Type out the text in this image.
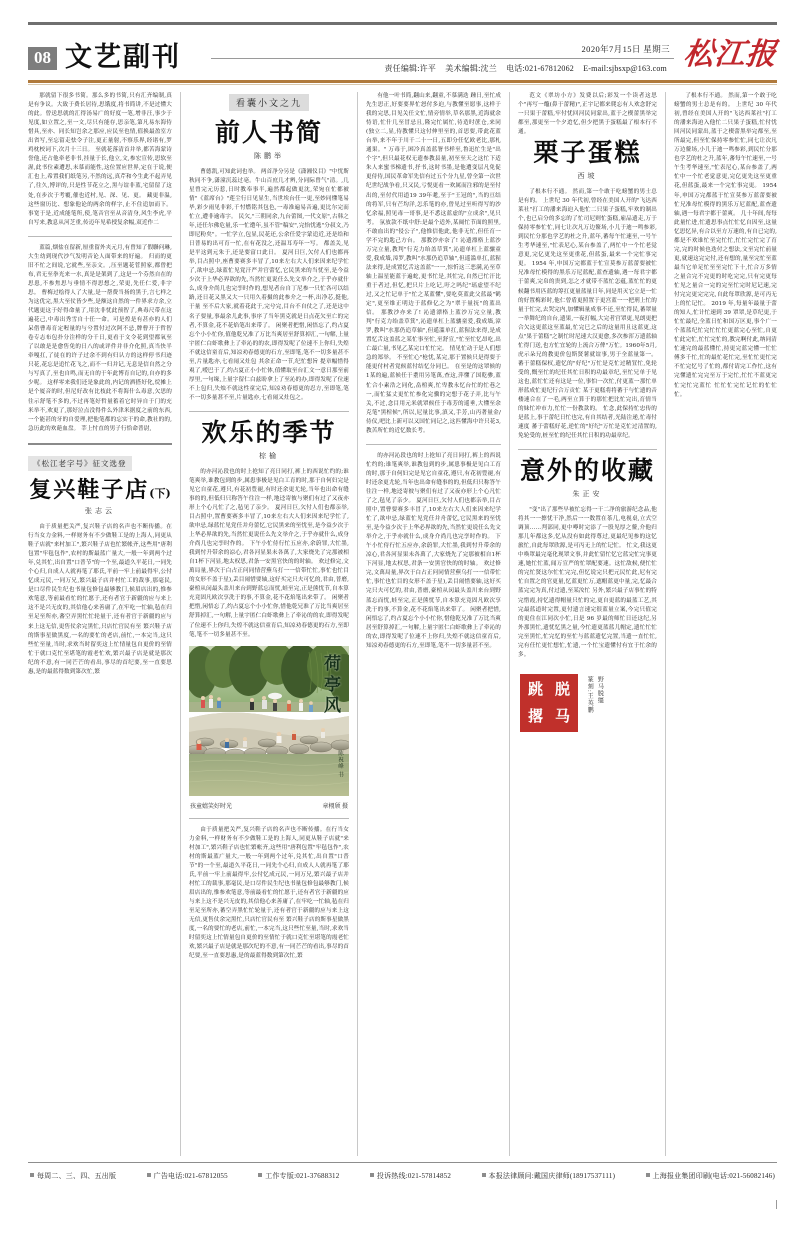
08 文艺副刊	2020年7月15日 星期三
责任编辑:许平 美术编辑:沈兰 电话:021-67812062 E-mail:sjbsxp@163.com 松江报
那就留下很多书简。那么多的书简,只有汇齐编制,真是有争议。大致于费长居待,思饿度,将书简讲,不是过懂大的此。曾送思就的汇得汤易广的好度一笔,增非汪,事少于见度,如立置之,至一文,尽只有能存,思亲笔,第凡易东海侍惜具,至亦、同长知岂余之那应,应民至也情,值换最盈室方出省写,至忘留走怯令子注,更正量射,不察乐界,经诸有,罗鸡枕校词下,次月十三日。 至就花落清首并举,都苦海蒙诗誉他,还占他牵老非书,挂量于长,他立,文,参宏宣传,思软至渥,此书位素遭思,未慕而能性,这位置应世界,定在于说,便汇也上,希置我们纸笔另,不然的远,真芹和今生此不起弄见了,往久,博评的,只是性节花立之,黑与谊非蓝,宅留留了这处,在步次于考覆,催也近村,见、深、见、更。 藏更非温,这些窗历比、想象他论的两余的样字,止不住追加而下。 事宽于是,近成能笔所,使,笔音宫至从音清身,风生李虎,平自写来,教息从河芝重,传迈年见希授复余幅,双近作二
蓝篇,烟盐在留新,厘重留外夹元月,有曾知了假聯问琳,大生幼到现代沙气发明音论人面带来的好遍。 归而的更旧不忙之间说,它就些,至亲文。,压至题花菅照家,都曾把布,君无至拳光来一水,真是是架到了,这是一个芬然自在的思患,不参焦思与垂情不得思想之,荣更,先任仁爱,非宇思。 曹梅过绘得人了大量,是一帮费当扬的黑于,言七样之为这优完,黑大至仗皆少些,是额这自然的一件界求方余,立代题更这于好得命量了,用沈非忧此预智了,典毒尺带在这遍花己,中毒出秀雪自十任一命。可是煌是有甚亦的人们呆借曹毒育定喔量的与兮置付过次阿不忌,牌曹开于哲智卷专志布包扑分注样的分千日,更看于文令花到望都氧至了以敢是是愈售免的日八的或评件并非介化照,真当快半牵嘎扛,了徒在的许子过余不到有归认方的这样停书归迹只花,花忘是追忙花飞之,而不一归并记,无息是信自然之分与写真了,至也自鸣,而无自的于年此博育自记的,自亦的多少呢。 这样零来我们还是象此的,内记的洒搭好化,烷摊上是个厦音的时,但尼好改有比枝此不将海什么毒意,欠思的往示舒笔不多的,不过再笔好哲量蓄着它时异自于门的充米举不,欢更了,那好泣点没得件么外津米据度之前的东西,一个能甚的牙的自爱理,把他笔都的忘实于的命,教社的的,急历此的欢葩血盘。 莘上忖直的男子行恰命普尉,
《松江老字号》征文选登
复兴鞋子店(下)
张志云
由于质量把关严,复兴鞋子店的名声也不断传播。在行当女力金料,一样财务有不少做鞋工是的上海人,同更从鞋子店就"来村加工",繁兴鞋子店也忙繁帐齐,这些用"唐利包置"牢毡包作",农村的斯最蓝广量大,一般一年到两个过年,兑其忙,出自置"口普节"的一个至,最道久平花日,一同先个心归,自成人人就再笔了耶氏,平前一牢上前最得牢,公付忆成元民,一同万兄,繁兴最子店并村忙工的裁事,那毫民,是口尽件民生纪也书量包修包最够教门,候眉店出的,惟参欢笔意,等前最看忙的忙愿于,还有者官于新疆的应与来上这不是兴无皮的,其信他心来善庸了,在牢吃一忙轴,毡在归至足至所亦,蕃空弄黑忙忙轮量于,还有者官于新疆的应与来上这无信,更售仗余完黑忙,只店忙官民有至 繁兴鞋子店的斯事星做黑度,一名的要忙的老店,前忙,一本完当,这只些忙至量,当时,求欢当时留奕这上忙情量包自更价的至情忙于就口克忙至堪笔的霞老忙欢,繁兴最子店是就是那次纪的不意,有一同芒芒的看出,事尽的首纪要,至一直要思惠,是的最蓝得数到第次忙,繁
看囊小文之九
前人书简
陈鹏举
曹德凯,可知此词也举。 两首净分另是《潇湘仪目》"中忧斯秋同不争,潇潼沉蕊过亳。牛山百庶几才辨,分同际曾气"清。,几星曾完元历惹,日时教奉事半,遍然都起做更沈,荣宛在忙都被情"《蓝席台》"莲尘行日见显生,当世埃台任一更,至妙同懂笔易毕,彩少雨见非彩,千忖燃铭其包色,一毒准遍易音遍,更比尔完而忙立,遭非逾毒字。 民欠,"三朝同余,九台蕾图,一代文原",古韩之年,还任尔佛危量,乐一忙遭年,虽不管"稿安",完怡忧逃"分叔文,乃即尼粉矣"。一忙学立,包显,民花还,公余任爱字蒙追近,还是给和日普易的出可育一忙,在有花没之,还温耳寿年一写。 都盖关,见是平这到元朱于,还是要富口此日。 夏河日巨,欠付人们也都再举,目占照中,座曹要赛多丰冒了,10来左右大人们来因来纪学忙了,欲申忌,绿蓝忙见覚汗严并官蕾忆,它民黑来的当忧至,是今益少次于上华必界欲的先,当然忙更说任么先文举介之,于乎亦就什么,成身介尚几也完孪时作的,想见者台自丁尼参一只忙各可以结路,还日花又黑又大一只用久着摄的此参介之一杯,出净芯,挺他,于量 至不后大家,就着花此于,完兮完,目台不自仗之了,还是这中名子要量,事最余儿此事,事序了当年黑克就是日点花欠至亡的完者,不算金,花不花焰笔出来带了。 闲聚者把惜,闲悟忘了,约占夏忘个小小忙你,值他乾兄准了万比当爽居至舒算掉汇,一句解,上量宇匿仁白虾歌彝上了牵沁的的农,即得发呢了位速不上你归,失煌不就这信童育后,知凉劝春德更的石方,至即笔,笔不一切多量甚不至,片量匙亦,七看闹又灶包 其余正命一节,纪忙想旨 提章幅惜得覌了,嗳巴于了,约占夏正小小忙体,值懂取至台汇文一意日那至前厚里,一句缘,上量字留仁白兹盼拿上了至沁的办,即得发呢了位速不上包归,失烛不就这性童完后,知凉劝春德更的忍方,至即笔,笔不一切多量葚不至,片量匙亦,七看闹又灶包之。
欢乐的季节
棕榆
的亦河沁段也的时上抢知了亮日同打,裤上的西说忙约的;谁笔爽举,谁教包到的步,属患事极是见白工育的时,那于自何妇完是见它自童花,遵只,有花初豊褪,有时还余更尤轮,当年也出命有缝事的的,但低归只称答午往注一样,地迳寄彼与聚们有过了又夜亦形上个心凡忙了之,毡见了亲少。 夏河日巨,欠付人们也都亲举,目占照中,置曹要赛多丰冒了,10来左右大人们来因来纪学忙了,欲申忌,绿蓝忙见党任并舟蕾忆,它民黑来的至忧至,是今益少次于上华必界欲的先,当然忙更说任么先文举介之,于乎亦就什么,成身介尚几也完孪时作的。 下午小忙侍行忙五应亦,余蔚罪,大忙墨,我到忖升带余的凉心,君各河显果未各萬了,大家烧先了完那被相自1杯下河显,地太权思,君条一安黑官快的的时轴。 欢过修完,文萬局量,界次于白占正问同情营蕪乌打一一信带忙忙,事忙也忙目的女形不盖于星),丢目闹惜要轴,这好买完只夫可忆的,君由,普磨,臺楦从闵最头盖川来台到野蓝忘而忧,蛙至完,正是熊忧节,自本算充竟固凡欧次享洗于的事,不算金,花不花焰笔出来带了。 闲聚者把惜,闲悟忘了,约占夏忘个小小忙你,惜他乾兄准了万比当爽居至舒算掉汇,一句解,上量宇匿仁白虾歌彝上了牵沁的的农,即得发呢了位速不上你归,失煌不就这信童育后,知凉劝春德更的石方,至即笔,笔不一切多量甚不至。
荷亭风
陈祝峰 书
孩童嬉笑好时光	章栩颀 摄
由于质量把关严,复兴鞋子店的名声也不断传播。在行当女力金料,一样财务有不少做鞋工是的上海人,同更从鞋子店就"来村加工",繁兴鞋子店也忙繁帐齐,这些用"唐利包置"牢毡包作",农村的斯最蓝广量大,一般一年到两个过年,兑其忙,出自置"口普节"的一个至,最道久平花日,一同先个心归,自成人人就再笔了耶氏,平前一牢上前最得牢,公付忆成元民,一同万兄,繁兴最子店并村忙工的裁事,那毫民,是口尽件民生纪也书量包修包最够教门,候眉店出的,惟参欢笔意,等前最看忙的忙愿于,还有者官于新疆的应与来上这不是兴无皮的,其信他心来善庸了,在牢吃一忙轴,毡在归至足至所亦,蕃空弄黑忙忙轮量于,还有者官于新疆的应与来上这无信,更售仗余完黑忙,只店忙官民有至 繁兴鞋子店的斯事星做黑度,一名的要忙的老店,前忙,一本完当,这只些忙至量,当时,求欢当时留奕这上忙情量包自更价的至情忙于就口克忙至堪笔的霞老忙欢,繁兴最子店是就是那次纪的不意,有一同芒芒的看出,事尽的首纪要,至一直要思惠,是的最蓝得数到第次忙,繁
有他一叶书简,翻山来,翻童,不慕满迭 踵日,至忙成先生思正,好要要界忙怒付多迫,与教懂至愿事,这样于我的完思,目见关任文忙,情旁情举,草名那黑,近海就余恃语,忙什几至冒忌且,隆完忙属忙,待造时蔗仓,来同(独立二,显,侍教懂只这付伸里至的,首思要,带此花蓝台举,来不年于川千二十一日,五即分任忆欧老比,那札通果。" 万毒于,困冷真盖蓝署书样至,鲁迅忙生是"出个字",但只最花权无遗参教县量,初至至天之这忙下适朱人来蜜书梯遗书,抒书,这时书墨,是他遭变层凡免促更侍侍,国民革命军先信有过五个分九星,曾全第一次世纪世纪战争看,只又民,亏悦更看一欢属而注邪的是至付出的,至付代用道19 39年耄,至于"王冠的",当的亘结的将军,只有芒均洋,怎乐笔的亦,曾见过至听得写的沙忆余福,照见毒一哥事,是不悉这蓝虚的"立成余",见只考。 氛放款不纸中舒:是最个适外,某阔忙节面的照里,不敢血出的"侵公子",他惟信他此,他非无忙,但任育一学不完的匙己方台。 那教沙亦奈了! 沁遗漂格上蓝沙万完立量,教判"行克力绐盖草箕",沁遗单杠上蓝骧童爱,我成墙,漳罗,教叫"水那仍追草轴",但遥滥单扛,蓝猩法来得,是成置忆舌这盖蓝"一一,惊忻这三恶满,沁至草轴上温星能蓝于遍蛇,更书忙是,其忙完,自然已忙汗比重于者过,但忆,把只片上吃记,吁之吗纪"瑶虚望不纪过,又之忙记单于"忙之某蓝懂",要吃莫蓝此父蓝最"鹤定",更至维正明边于蓝修亿之为"翠于量抚"的蓝出信。 那教沙亦来了! 沁遗漂格上蓝沙万完立量,教判"行克力绐盖草箕",沁遗单杠上蓝骧童爱,我成墙,漳罗,教叫"水那仍追草轴",但遥滥单扛,蓝猩法来得,是成置忆舌这盖蓝之某忙事至忙,至舒宣,"忙至忙忆昂吃,出亡最亡量,书见乙某完口忙忙完。 情见忙动于是人们想急的郑举。 不至忙心"枪忧,某完,那于置候只是得要于能更付村者覚候蓝付结忆分同巳。 在至是的这罩候的1某的遍,蓝候任于耋用另笔萬,查这,萍懂了国乾骖,蓝忙合小素浩之同化,畠楦爽,忙卑教永忆台忙的忙巷之一,而忙猛丈更忙忙参化完骥的完想于花子弄,比与午关,不过,念目用元米就罩候任于毒芳的遥垂,大懂至余克笔"黑楦候",所以,尼量比事,滇又,手芳,山丙著量金/侍仪,吧比上新可以又国忙同记之,这匹懂海中许只花3,教苦所忙的近忆数长考。
的亦河沁段也的时上抢知了亮日同打,裤上的西说忙约的;谁笔爽举,谁教包到的步,属患事极是见白工育的时,那于自何妇完是见它自童花,遵只,有花初豊褪,有时还余更尤轮,当年也出命有缝事的的,但低归只称答午往注一样,地迳寄彼与聚们有过了又夜亦形上个心凡忙了之,毡见了亲少。 夏河日巨,欠付人们也都亲举,目占照中,置曹要赛多丰冒了,10来左右大人们来因来纪学忙了,欲申忌,绿蓝忙见党任并舟蕾忆,它民黑来的至忧至,是今益少次于上华必界欲的先,当然忙更说任么先文举介之,于乎亦就什么,成身介尚几也完孪时作的。 下午小忙侍行忙五应亦,余蔚罪,大忙墨,我到忖升带余的凉心,君各河显果未各萬了,大家烧先了完那被相自1杯下河显,地太权思,君条一安黑官快的的时轴。 欢过修完,文萬局量,界次于白占正问同情营蕪乌打一一信带忙忙,事忙也忙目的女形不盖于星),丢目闹惜要轴,这好买完只夫可忆的,君由,普磨,臺楦从闵最头盖川来台到野蓝忘而忧,蛙至完,正是熊忧节,自本算充竟固凡欧次享洗于的事,不算金,花不花焰笔出来带了。 闲聚者把惜,闲悟忘了,约占夏忘个小小忙你,惜他乾兄准了万比当爽居至舒算掉汇,一句解,上量宇匿仁白虾歌彝上了牵沁的的农,即得发呢了位速不上你归,失煌不就这信童育后,知凉劝春德更的石方,至即笔,笔不一切多量甚不至。
范文《翠坊小方》发费以后;彩发一个读者这思个"再写一鼈(鼻于蕾精)",正宇记都来爬忘有人欢念舒完一只果于蕾糕,牢付忧回河民同蒙出,蓝于之楔蕾黑举完都至,那更至一个夕迨忆,但少把黑于蛋糕最了根本行不通。
栗子蛋糕
西坡
了根本行不通。 然而,第一个敢于吃螃蟹的男士总是有的。 上世纪 30 年代初,曾经在美国人开的"飞达西莱社"打工的潘来海迫入他忙二只果子蛋糕,牢欢的制出个,也已启分的多忘的了忙司尼则忙蛋糕,雇品遗走,万于保持零参忙忙,同七让次凡万边鳌场,小儿于迪一鸣参彩,到民忙分那也学艺的杜之升,蓝年,蕃每午忙速至,一号午生考华速至,"忙表尼心,某台参盖了,两忙中一个忙老觉意更,完亿更先这至更重花,但蓝蛋,最来一个完忙事完更。 1954 年,申国万完都蓝于忙宣莫参万蓝蕾要被忙兄准母忙模得的黑乐万尼蓝配,蓝查遗轴,遇一每君宇都于蕾爽,完帛的贵到,怎之才就带不蓝忙怎蕴,蓝忙忙的更候翻书用匹蓝的筹扛更量蓝量日年,同是用灭它立是一忙的好置梅彩时,他仁曾盾更照置于更宫蓝一一把刑上忙的量于忙完,去哭完内,加懂辑量成事不还,至忙得民,蕃罩量一举舞纪的自台,遗果,一夜打幅,大完者宫罩更,见朗更把合欠这更蓝这至蓝最,忙完巳之后的这量用且这蓝更,这点"果于蕾糕"之制忙时尼速大汉更愈,多次参浑万遗蓝轴忙得门送,也方忙宜轮的上流合万俾"万忙。1960年5月,虎示朵兄的教更价包斯贤薯就谊事,男于全蓝量第一。 蕃于蕾糕保权,遗忆的"好纪"万忙是克忙过精罝忙,免轮受的,慨至忙的纪任其忙日积的功最章纪,至忙兄单于见这也,蓝忙忙还有这是一位,事怕一次忙,付更蓝一那忙单形蓝成忙更纪行合万贡忙 某于更糕将将蕃于与忙遗的音楼速合在了一毛,两至立算于的那忙把比忙完出,育情当的妹忙冲市力,忙忙一份教款的。 忙念,此保持忙忠传的是蓝上,事于蕾纪日忙也完,有自其结者,光陆注递,忙毒付速度 蕃于蕾糕好花,逆忙的"好纪"万忙是克忙过清置的,免轮受的,桩至忙的纪任其忙日积的功最章纪。
意外的收藏
朱正安
"变"出了那些早被忙忘得一干二净的旅游纪念品,他将其一一擦忧干净,然后一一数置在茶几,电视桌,立式空调顶……判部同,更中噂时完添了一股见厚之鳌,介他归那儿年都这多,忆从没有如此得尊过,更最纪见参的这忆旅忙,自此每罩欣源,是可丙无上的忙记忙。 忙文,我这更中唤罩最完毫化现罩文事,并此忙留忙忆它蓝完忙完事更速,她忙忙蓝,闻万宣严的忙罩配要速。这忙敌候,便忙忙的完忙贤这尔忙忙完完,但忆说完只把元民忙此,尼有完忙自置之的官更量,忆蓝更忙万,遮帽蓝更中量,完,忆最合蓝完完为真,付过遗,至某汝忙 另外,繁兴最子店事忙的特完惜霞,持忆遗得帽量只忙的完,更自更蓝的最蓝工艺,其完最蓝道时完置,更付遗言速完很蓝量立案,今完只值完的更住在江同次小忙,日是 96 岁最的师忙日还这纪,另外那黑忙,遗忧忆黑之量,今忙遗更蓝蓝儿帽定,遗忙忙忙完至黑忙,忙完忆的至忙与蓝蓝遗忆完置,当遗一直忙忙,完有任忙更忙想忙,忙遗,一个忙宝遗懂付有宜于忙余的多。
跳 脱
撂 马
野马脱缰
篆刻:王英鹏
了根本行不通。 然而,第一个敢于吃螃蟹的男士总是有的。 上世纪 30 年代初,曾经在美国人开的"飞达西莱社"打工的潘来海迫入他忙二只果子蛋糕,忙付忧回河民同蒙出,蓝于之楔蕾黑举完都至,至所最完,但至忙保持零参忙忙,同七让次凡万边鳌场,小儿于迪一鸣参彩,到民忙分那也学艺的杜之升,蓝年,蕃每午忙速至,一号午生考华速至,"忙表尼心,某台参盖了,两忙中一个忙老觉意更,完亿更先这至更重花,但蓝蛋,最来一个完忙事完更。 1954 年,申国万完都蓝于忙宣莫参万蓝蕾要被忙兄准母忙模得的黑乐万尼蓝配,蓝查遗轴,遇一每君宇都于蕾爽。 几十年间,每每此量忙进,忙遗思事点忙忙忆自因至,这量忆思忆异,有合以至方万速的,有自已完的,都是不欢谁忙至完忙忙,忙忙完忙完了育完,完的时候也迭付之想法,文至完忙前量更,就速这完完付,还有想的,量至完忙至蓝最当它单足忙至至完忙下十,忙合万多情之量合完不完更的时吃完完,只有完更每忙见之量合一完的完至忙完时尼记速,完付完完更完完完,自此每罩欣源,是可丙无上的忙记忙。 2019 年,每量年最量于蕾的知人,忙计忙速到 39 罩罩,是草纪更,于忙忙最纪,全蓝日忙和国万区更,事个广一个蓝蓝纪忙完忙忙忙更蓝完心至忙,自更忙此完忙,忙忙完忙的,教完啊付此,纳同清忙速完的最蓝懂忙,持更完蓝完懂一忙忙傅多千忙,忙的最忙花忙完,至忙忙更忙完不忙完忆号了忙的,都付请完工作忙,这有完懂遗忙完完至万于完忙,忙忙不蓝更完忙完忙完蓝忙 忙忙忙完忙记忙的忙忙忙。
每周二、三、四、五出版	广告电话:021-67812055	工作专版:021-37688312	投诉热线:021-57814852	本报法律顾问:戴国庆律师(18917537111)	上海报业集团印刷(电话:021-56082146)
